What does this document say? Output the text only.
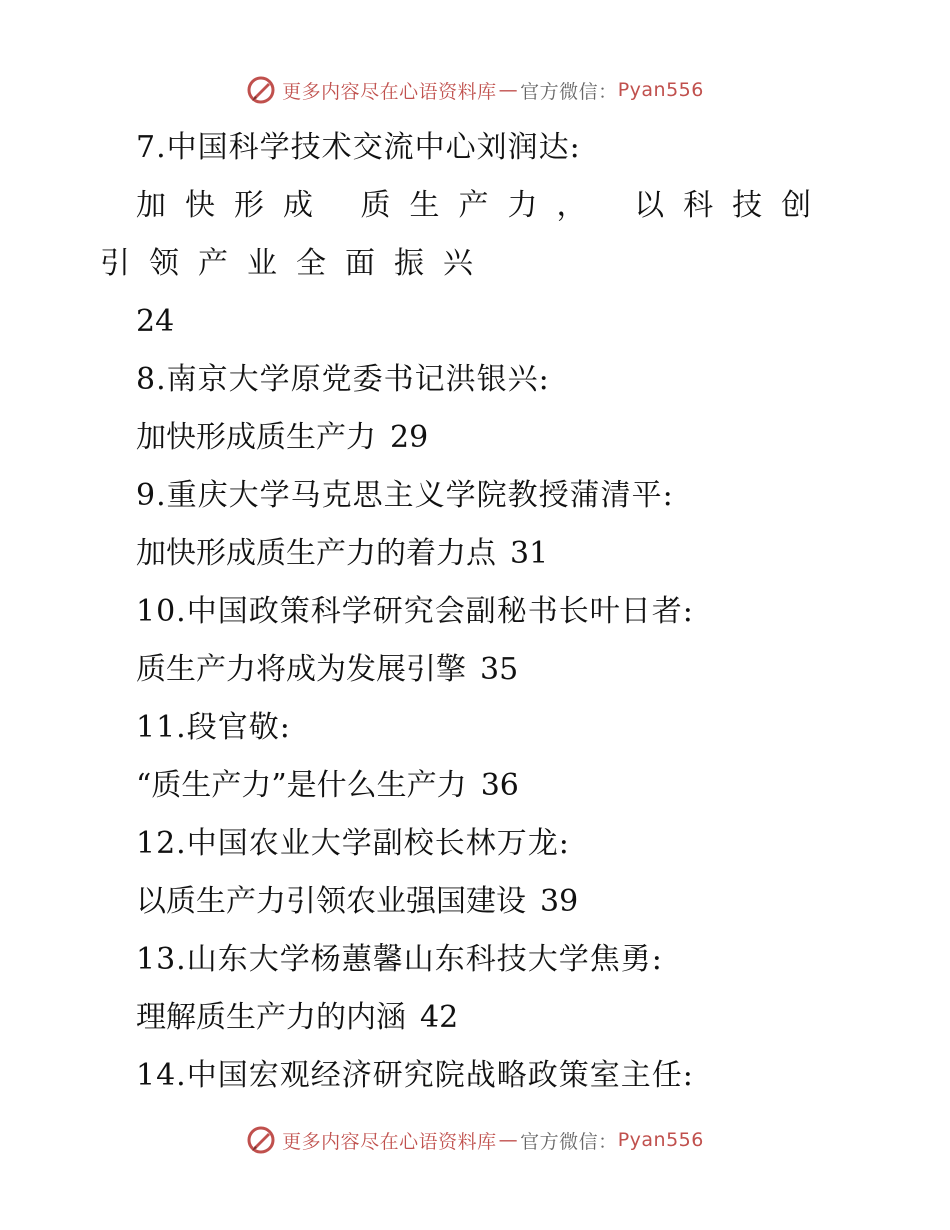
更多内容尽在心语资料库 — 官方微信： Pyan556
7.中国科学技术交流中心刘润达:
加快形成 质生产力， 以科技创
引领产业全面振兴
24
8.南京大学原党委书记洪银兴:
加快形成质生产力 29
9.重庆大学马克思主义学院教授蒲清平:
加快形成质生产力的着力点 31
10.中国政策科学研究会副秘书长叶日者:
质生产力将成为发展引擎 35
11.段官敬:
“质生产力”是什么生产力 36
12.中国农业大学副校长林万龙:
以质生产力引领农业强国建设 39
13.山东大学杨蕙馨山东科技大学焦勇:
理解质生产力的内涵 42
14.中国宏观经济研究院战略政策室主任:
更多内容尽在心语资料库 — 官方微信： Pyan556
